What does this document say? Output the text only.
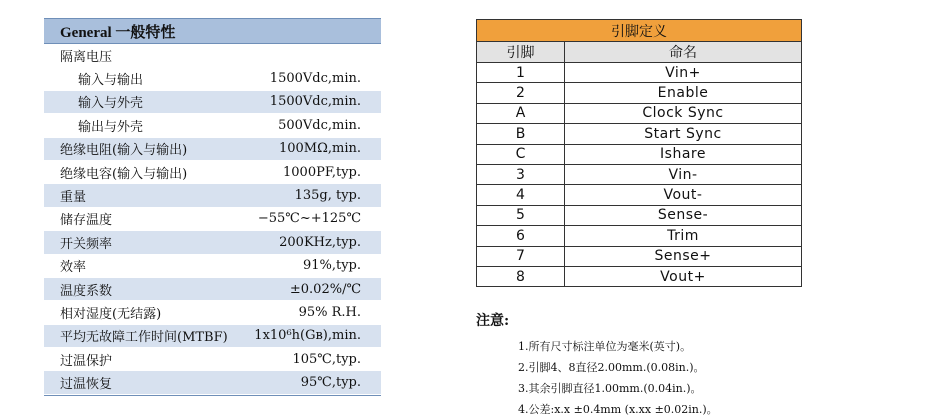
General 一般特性
隔离电压
输入与输出	1500Vdc,min.
输入与外壳	1500Vdc,min.
输出与外壳	500Vdc,min.
绝缘电阻(输入与输出)	100MΩ,min.
绝缘电容(输入与输出)	1000PF,typ.
重量	135g, typ.
储存温度	−55℃~+125℃
开关频率	200KHz,typ.
效率	91%,typ.
温度系数	±0.02%/℃
相对湿度(无结露)	95% R.H.
平均无故障工作时间(MTBF)	1x10⁶h(Gʙ),min.
过温保护	105℃,typ.
过温恢复	95℃,typ.
引脚定义	
引脚	命名
1	Vin+
2	Enable
A	Clock Sync
B	Start Sync
C	Ishare
3	Vin-
4	Vout-
5	Sense-
6	Trim
7	Sense+
8	Vout+
注意:
1.所有尺寸标注单位为毫米(英寸)。
2.引脚4、8直径2.00mm.(0.08in.)。
3.其余引脚直径1.00mm.(0.04in.)。
4.公差:x.x ±0.4mm (x.xx ±0.02in.)。
